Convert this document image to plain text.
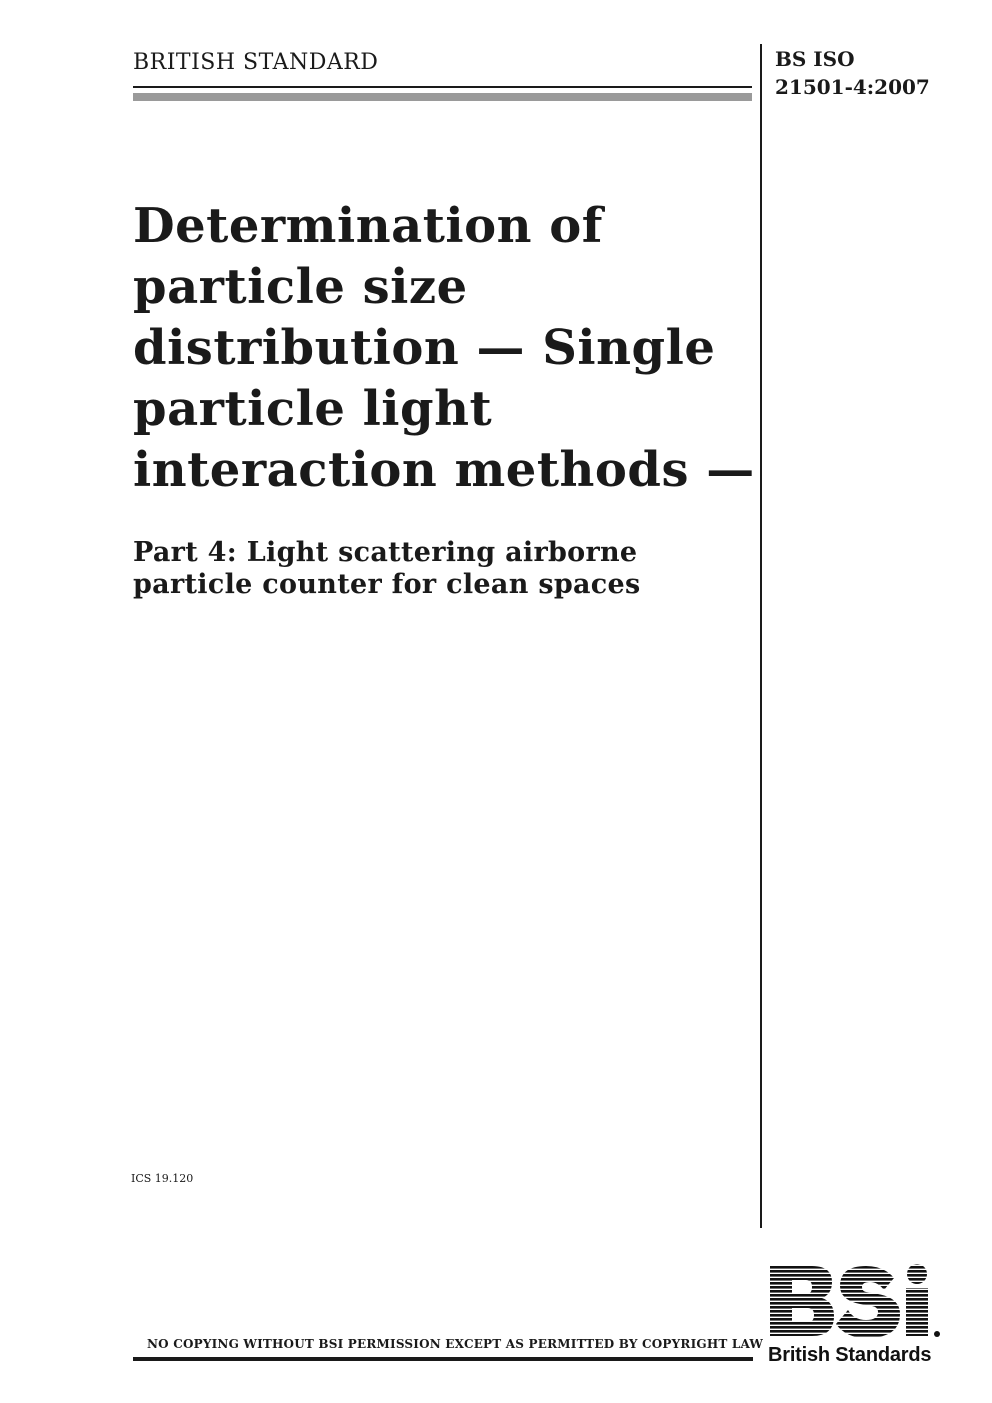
BRITISH STANDARD	BS ISO
21501-4:2007
Determination of
particle size
distribution — Single
particle light
interaction methods —
Part 4: Light scattering airborne
particle counter for clean spaces
ICS 19.120
NO COPYING WITHOUT BSI PERMISSION EXCEPT AS PERMITTED BY COPYRIGHT LAW British Standards
